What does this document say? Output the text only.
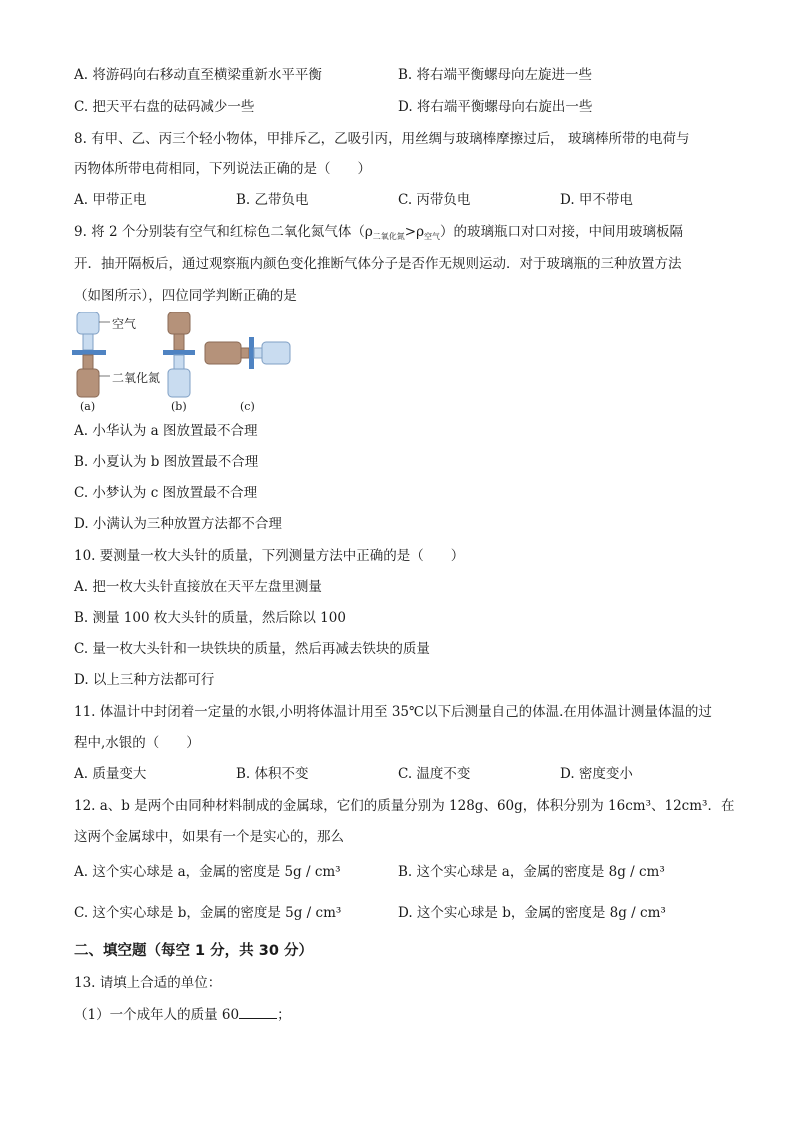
A. 将游码向右移动直至横梁重新水平平衡	B. 将右端平衡螺母向左旋进一些
C. 把天平右盘的砝码减少一些	D. 将右端平衡螺母向右旋出一些
8. 有甲、乙、丙三个轻小物体，甲排斥乙，乙吸引丙，用丝绸与玻璃棒摩擦过后， 玻璃棒所带的电荷与
丙物体所带电荷相同，下列说法正确的是（　　）
A. 甲带正电	B. 乙带负电	C. 丙带负电	D. 甲不带电
9. 将 2 个分别装有空气和红棕色二氧化氮气体$(\rho_{二氧化氮}>\rho_{空气})$的玻璃瓶口对口对接，中间用玻璃板隔
开．抽开隔板后，通过观察瓶内颜色变化推断气体分子是否作无规则运动．对于玻璃瓶的三种放置方法
（如图所示），四位同学判断正确的是
空气
二氧化氮
(a)	(b)	(c)
A. 小华认为 a 图放置最不合理
B. 小夏认为 b 图放置最不合理
C. 小梦认为 c 图放置最不合理
D. 小满认为三种放置方法都不合理
10. 要测量一枚大头针的质量，下列测量方法中正确的是（　　）
A. 把一枚大头针直接放在天平左盘里测量
B. 测量 100 枚大头针的质量，然后除以 100
C. 量一枚大头针和一块铁块的质量，然后再减去铁块的质量
D. 以上三种方法都可行
11. 体温计中封闭着一定量的水银,小明将体温计用至 35℃以下后测量自己的体温.在用体温计测量体温的过
程中,水银的（　　）
A. 质量变大	B. 体积不变	C. 温度不变	D. 密度变小
12. a、b 是两个由同种材料制成的金属球，它们的质量分别为 128g、60g，体积分别为 16cm³、12cm³．在
这两个金属球中，如果有一个是实心的，那么
A. 这个实心球是 a，金属的密度是 5g / cm³	B. 这个实心球是 a，金属的密度是 8g / cm³
C. 这个实心球是 b，金属的密度是 5g / cm³	D. 这个实心球是 b，金属的密度是 8g / cm³
二、填空题（每空 1 分，共 30 分）
13. 请填上合适的单位：
（1）一个成年人的质量 60	；
